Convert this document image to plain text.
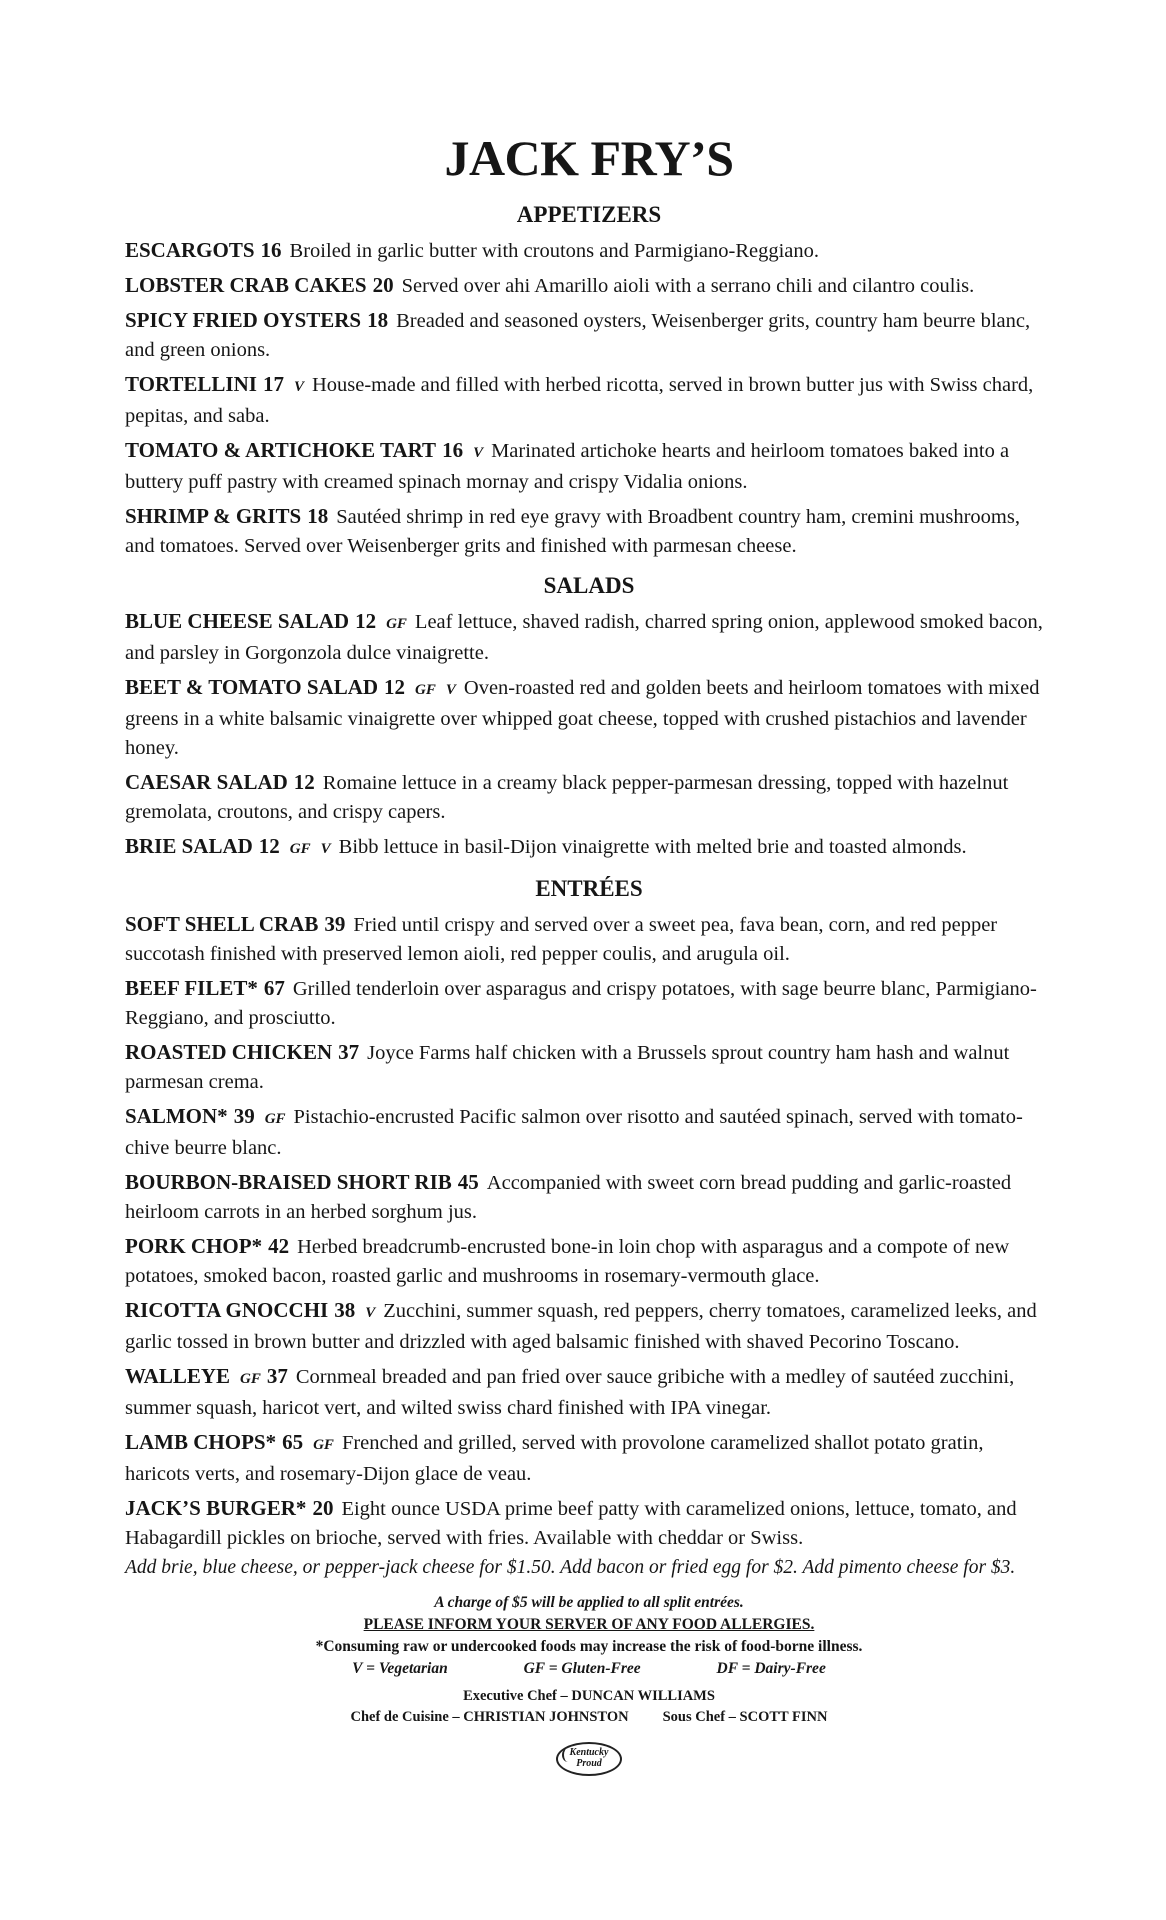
JACK FRY’S
APPETIZERS
ESCARGOTS 16 Broiled in garlic butter with croutons and Parmigiano-Reggiano.
LOBSTER CRAB CAKES 20 Served over ahi Amarillo aioli with a serrano chili and cilantro coulis.
SPICY FRIED OYSTERS 18 Breaded and seasoned oysters, Weisenberger grits, country ham beurre blanc, and green onions.
TORTELLINI 17 V House-made and filled with herbed ricotta, served in brown butter jus with Swiss chard, pepitas, and saba.
TOMATO & ARTICHOKE TART 16 V Marinated artichoke hearts and heirloom tomatoes baked into a buttery puff pastry with creamed spinach mornay and crispy Vidalia onions.
SHRIMP & GRITS 18 Sautéed shrimp in red eye gravy with Broadbent country ham, cremini mushrooms, and tomatoes. Served over Weisenberger grits and finished with parmesan cheese.
SALADS
BLUE CHEESE SALAD 12 GF Leaf lettuce, shaved radish, charred spring onion, applewood smoked bacon, and parsley in Gorgonzola dulce vinaigrette.
BEET & TOMATO SALAD 12 GF V Oven-roasted red and golden beets and heirloom tomatoes with mixed greens in a white balsamic vinaigrette over whipped goat cheese, topped with crushed pistachios and lavender honey.
CAESAR SALAD 12 Romaine lettuce in a creamy black pepper-parmesan dressing, topped with hazelnut gremolata, croutons, and crispy capers.
BRIE SALAD 12 GF V Bibb lettuce in basil-Dijon vinaigrette with melted brie and toasted almonds.
ENTRÉES
SOFT SHELL CRAB 39 Fried until crispy and served over a sweet pea, fava bean, corn, and red pepper succotash finished with preserved lemon aioli, red pepper coulis, and arugula oil.
BEEF FILET* 67 Grilled tenderloin over asparagus and crispy potatoes, with sage beurre blanc, Parmigiano-Reggiano, and prosciutto.
ROASTED CHICKEN 37 Joyce Farms half chicken with a Brussels sprout country ham hash and walnut parmesan crema.
SALMON* 39 GF Pistachio-encrusted Pacific salmon over risotto and sautéed spinach, served with tomato-chive beurre blanc.
BOURBON-BRAISED SHORT RIB 45 Accompanied with sweet corn bread pudding and garlic-roasted heirloom carrots in an herbed sorghum jus.
PORK CHOP* 42 Herbed breadcrumb-encrusted bone-in loin chop with asparagus and a compote of new potatoes, smoked bacon, roasted garlic and mushrooms in rosemary-vermouth glace.
RICOTTA GNOCCHI 38 V Zucchini, summer squash, red peppers, cherry tomatoes, caramelized leeks, and garlic tossed in brown butter and drizzled with aged balsamic finished with shaved Pecorino Toscano.
WALLEYE GF 37 Cornmeal breaded and pan fried over sauce gribiche with a medley of sautéed zucchini, summer squash, haricot vert, and wilted swiss chard finished with IPA vinegar.
LAMB CHOPS* 65 GF Frenched and grilled, served with provolone caramelized shallot potato gratin, haricots verts, and rosemary-Dijon glace de veau.
JACK’S BURGER* 20 Eight ounce USDA prime beef patty with caramelized onions, lettuce, tomato, and Habagardill pickles on brioche, served with fries. Available with cheddar or Swiss.
Add brie, blue cheese, or pepper-jack cheese for $1.50. Add bacon or fried egg for $2. Add pimento cheese for $3.
A charge of $5 will be applied to all split entrées.
PLEASE INFORM YOUR SERVER OF ANY FOOD ALLERGIES.
*Consuming raw or undercooked foods may increase the risk of food-borne illness.
V = Vegetarian	GF = Gluten-Free	DF = Dairy-Free
Executive Chef – DUNCAN WILLIAMS
Chef de Cuisine – CHRISTIAN JOHNSTON Sous Chef – SCOTT FINN
Kentucky
Proud
